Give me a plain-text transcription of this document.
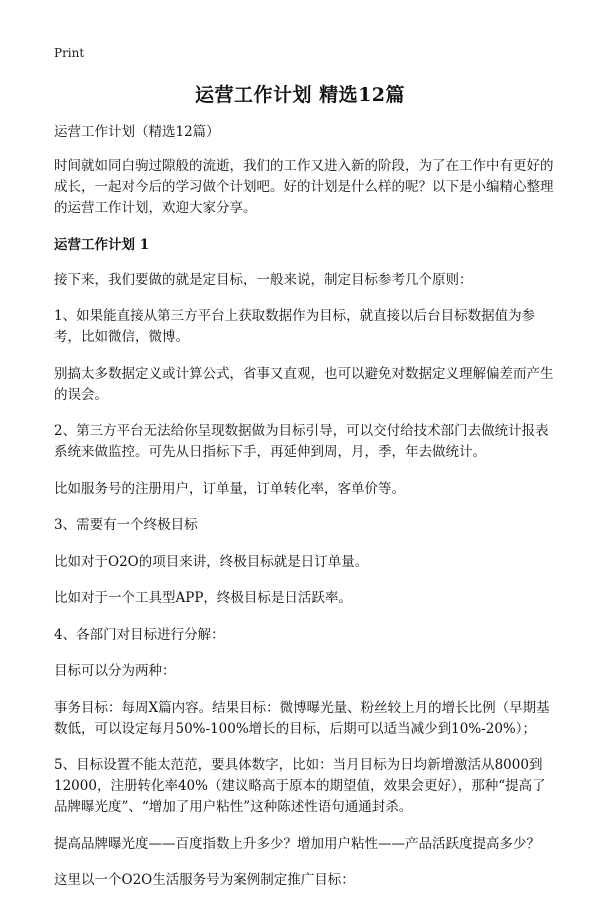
Print
运营工作计划 精选12篇

运营工作计划（精选12篇）

时间就如同白驹过隙般的流逝，我们的工作又进入新的阶段，为了在工作中有更好的成长，一起对今后的学习做个计划吧。好的计划是什么样的呢？以下是小编精心整理的运营工作计划，欢迎大家分享。

运营工作计划 1

接下来，我们要做的就是定目标，一般来说，制定目标参考几个原则：

1、如果能直接从第三方平台上获取数据作为目标，就直接以后台目标数据值为参考，比如微信，微博。

别搞太多数据定义或计算公式，省事又直观，也可以避免对数据定义理解偏差而产生的误会。

2、第三方平台无法给你呈现数据做为目标引导，可以交付给技术部门去做统计报表系统来做监控。可先从日指标下手，再延伸到周，月，季，年去做统计。

比如服务号的注册用户，订单量，订单转化率，客单价等。

3、需要有一个终极目标

比如对于O2O的项目来讲，终极目标就是日订单量。

比如对于一个工具型APP，终极目标是日活跃率。

4、各部门对目标进行分解：

目标可以分为两种：

事务目标：每周X篇内容。结果目标：微博曝光量、粉丝较上月的增长比例（早期基数低，可以设定每月50%-100%增长的目标，后期可以适当减少到10%-20%）；

5、目标设置不能太范范，要具体数字，比如：当月目标为日均新增激活从8000到12000，注册转化率40%（建议略高于原本的期望值，效果会更好），那种“提高了品牌曝光度”、“增加了用户粘性”这种陈述性语句通通封杀。

提高品牌曝光度——百度指数上升多少？增加用户粘性——产品活跃度提高多少？

这里以一个O2O生活服务号为案例制定推广目标：
